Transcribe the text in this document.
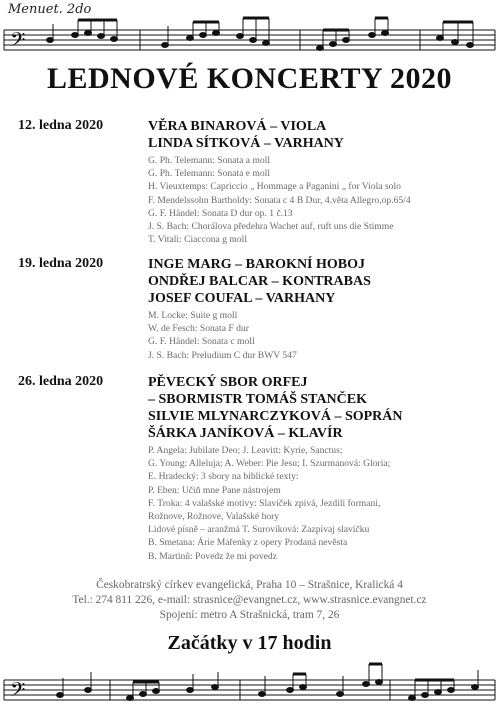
Menuet. 2do
𝄢
LEDNOVÉ KONCERTY 2020
12. ledna 2020	VĚRA BINAROVÁ – VIOLA
LINDA SÍTKOVÁ – VARHANY
G. Ph. Telemann: Sonata a moll
G. Ph. Telemann: Sonata e moll
H. Vieuxtemps: Capriccio „ Hommage a Paganini „ for Viola solo
F. Mendelssohn Bartholdy: Sonata c 4 B Dur, 4.věta Allegro,op.65/4
G. F. Händel: Sonata D dur op. 1 č.13
J. S. Bach: Chorálova předehra Wachet auf, ruft uns die Stimme
T. Vitali: Ciaccona g moll
19. ledna 2020	INGE MARG – BAROKNÍ HOBOJ
ONDŘEJ BALCAR – KONTRABAS
JOSEF COUFAL – VARHANY
M. Locke: Suite g moll
W. de Fesch: Sonata F dur
G. F. Händel: Sonata c moll
J. S. Bach: Preludium C dur BWV 547
26. ledna 2020	PĚVECKÝ SBOR ORFEJ
– SBORMISTR TOMÁŠ STANČEK
SILVIE MLYNARCZYKOVÁ – SOPRÁN
ŠÁRKA JANÍKOVÁ – KLAVÍR
P. Angela: Jubilate Deo; J. Leavitt: Kyrie, Sanctus;
G. Young: Alleluja; A. Weber: Pie Jesu; I. Szurmanová: Gloria;
E. Hradecký: 3 sbory na biblické texty:
P. Eben: Učiň mne Pane nástrojem
F. Troka: 4 valašské motivy: Slavíček zpívá, Jezdili formani,
Rožnove, Rožnove, Valašské hory
Lidové písně – aranžmá T. Surovíková: Zazpívaj slavíčku
B. Smetana: Árie Mařenky z opery Prodaná nevěsta
B. Martinů: Povedz že mi povedz
Českobratrský církev evangelická, Praha 10 – Strašnice, Kralická 4
Tel.: 274 811 226, e-mail: strasnice@evangnet.cz, www.strasnice.evangnet.cz
Spojení: metro A Strašnická, tram 7, 26
Začátky v 17 hodin
𝄢
